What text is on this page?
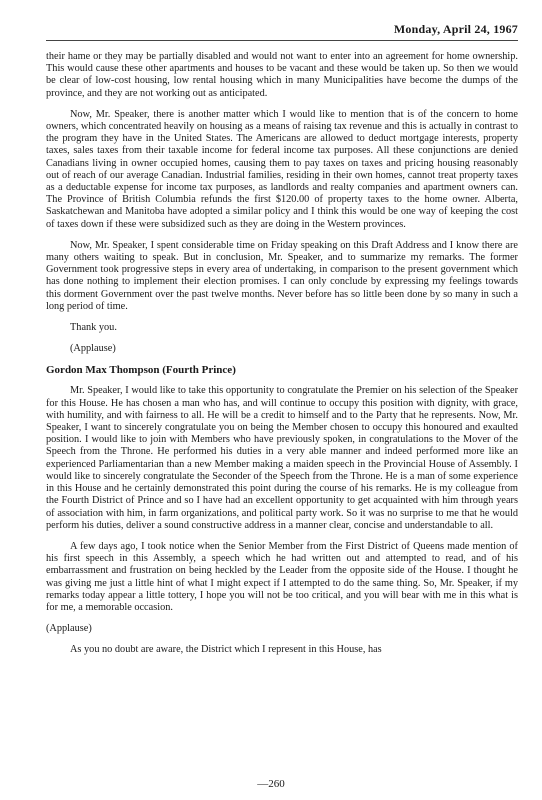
Monday, April 24, 1967

their hame or they may be partially disabled and would not want to enter into an agreement for home ownership. This would cause these other apartments and houses to be vacant and these would be taken up. So then we would be clear of low-cost housing, low rental housing which in many Municipalities have become the dumps of the province, and they are not working out as anticipated.

Now, Mr. Speaker, there is another matter which I would like to mention that is of the concern to home owners, which concentrated heavily on housing as a means of raising tax revenue and this is actually in contrast to the program they have in the United States. The Americans are allowed to deduct mortgage interests, property taxes, sales taxes from their taxable income for federal income tax purposes. All these conjunctions are denied Canadians living in owner occupied homes, causing them to pay taxes on taxes and pricing housing reasonably out of reach of our average Canadian. Industrial families, residing in their own homes, cannot treat property taxes as a deductable expense for income tax purposes, as landlords and realty companies and apartment owners can. The Province of British Columbia refunds the first $120.00 of property taxes to the home owner. Alberta, Saskatchewan and Manitoba have adopted a similar policy and I think this would be one way of keeping the cost of taxes down if these were subsidized such as they are doing in the Western provinces.

Now, Mr. Speaker, I spent considerable time on Friday speaking on this Draft Address and I know there are many others waiting to speak. But in conclusion, Mr. Speaker, and to summarize my remarks. The former Government took progressive steps in every area of undertaking, in comparison to the present government which has done nothing to implement their election promises. I can only conclude by expressing my feelings towards this dorment Government over the past twelve months. Never before has so little been done by so many in such a long period of time.

Thank you.

(Applause)

Gordon Max Thompson (Fourth Prince)

Mr. Speaker, I would like to take this opportunity to congratulate the Premier on his selection of the Speaker for this House. He has chosen a man who has, and will continue to occupy this position with dignity, with grace, with humility, and with fairness to all. He will be a credit to himself and to the Party that he represents. Now, Mr. Speaker, I want to sincerely congratulate you on being the Member chosen to occupy this honoured and exaulted position. I would like to join with Members who have previously spoken, in congratulations to the Mover of the Speech from the Throne. He performed his duties in a very able manner and indeed performed more like an experienced Parliamentarian than a new Member making a maiden speech in the Provincial House of Assembly. I would like to sincerely congratulate the Seconder of the Speech from the Throne. He is a man of some experience in this House and he certainly demonstrated this point during the course of his remarks. He is my colleague from the Fourth District of Prince and so I have had an excellent opportunity to get acquainted with him through years of association with him, in farm organizations, and political party work. So it was no surprise to me that he would perform his duties, deliver a sound constructive address in a manner clear, concise and understandable to all.

A few days ago, I took notice when the Senior Member from the First District of Queens made mention of his first speech in this Assembly, a speech which he had written out and attempted to read, and of his embarrassment and frustration on being heckled by the Leader from the opposite side of the House. I thought he was giving me just a little hint of what I might expect if I attempted to do the same thing. So, Mr. Speaker, if my remarks today appear a little tottery, I hope you will not be too critical, and you will bear with me in this what is for me, a memorable occasion.

(Applause)

As you no doubt are aware, the District which I represent in this House, has

—260
